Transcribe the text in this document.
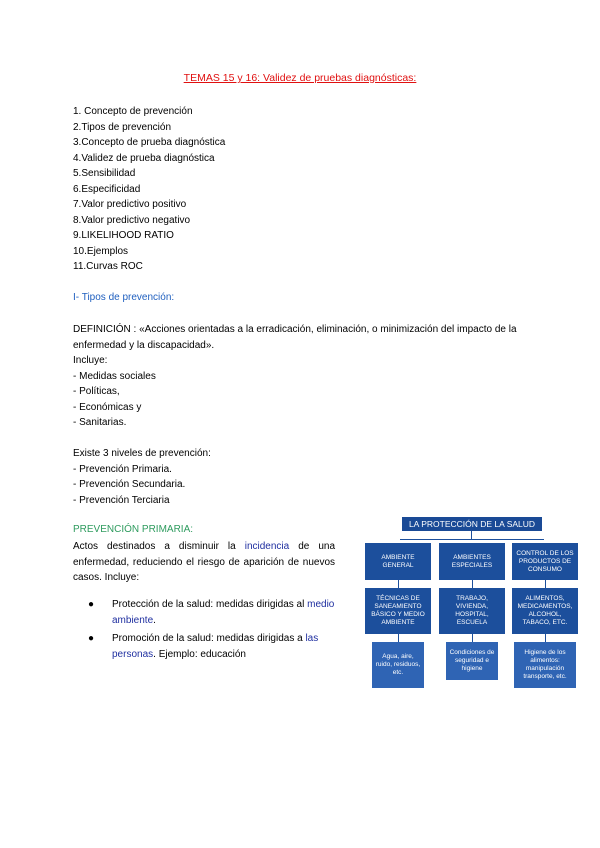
TEMAS 15 y 16: Validez de pruebas diagnósticas:
1. Concepto de prevención
2.Tipos de prevención
3.Concepto de prueba diagnóstica
4.Validez de prueba diagnóstica
5.Sensibilidad
6.Especificidad
7.Valor predictivo positivo
8.Valor predictivo negativo
9.LIKELIHOOD RATIO
10.Ejemplos
11.Curvas ROC
I- Tipos de prevención:
DEFINICIÓN : «Acciones orientadas a la erradicación, eliminación, o minimización del impacto de la
enfermedad y la discapacidad».
Incluye:
- Medidas sociales
- Políticas,
- Económicas y
- Sanitarias.
Existe 3 niveles de prevención:
- Prevención Primaria.
- Prevención Secundaria.
- Prevención Terciaria
PREVENCIÓN PRIMARIA:
Actos destinados a disminuir la incidencia de una enfermedad, reduciendo el riesgo de aparición de nuevos casos. Incluye:
● Protección de la salud: medidas dirigidas al medio ambiente.
● Promoción de la salud: medidas dirigidas a las personas. Ejemplo: educación
LA PROTECCIÓN DE LA SALUD
AMBIENTE GENERAL
AMBIENTES ESPECIALES
CONTROL DE LOS PRODUCTOS DE CONSUMO
TÉCNICAS DE SANEAMIENTO BÁSICO Y MEDIO AMBIENTE
TRABAJO, VIVIENDA, HOSPITAL, ESCUELA
ALIMENTOS, MEDICAMENTOS, ALCOHOL, TABACO, ETC.
Agua, aire, ruido, residuos, etc.
Condiciones de seguridad e higiene
Higiene de los alimentos: manipulación transporte, etc.
